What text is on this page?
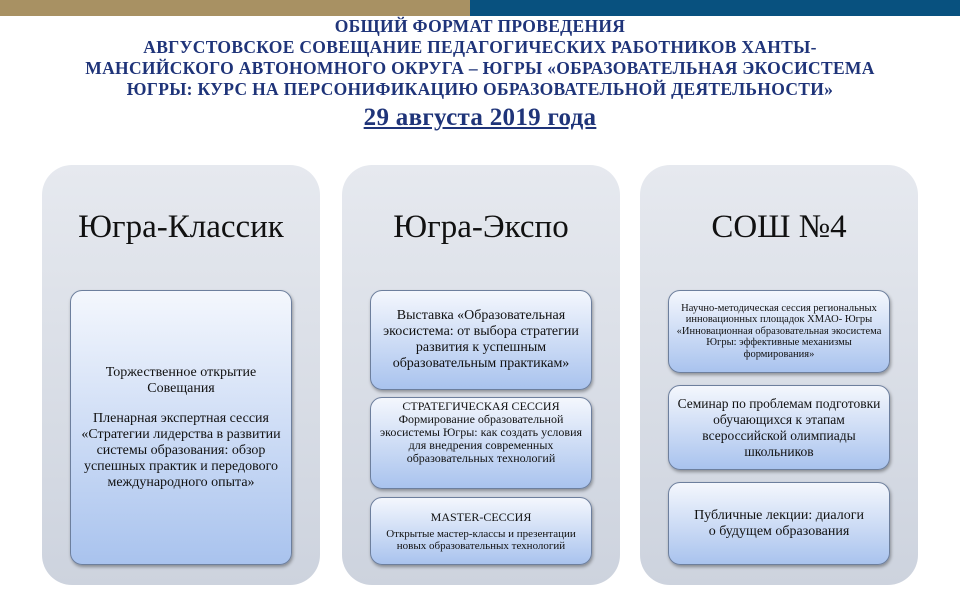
ОБЩИЙ ФОРМАТ ПРОВЕДЕНИЯ
АВГУСТОВСКОЕ СОВЕЩАНИЕ ПЕДАГОГИЧЕСКИХ РАБОТНИКОВ ХАНТЫ-
МАНСИЙСКОГО АВТОНОМНОГО ОКРУГА – ЮГРЫ «ОБРАЗОВАТЕЛЬНАЯ ЭКОСИСТЕМА
ЮГРЫ: КУРС НА ПЕРСОНИФИКАЦИЮ ОБРАЗОВАТЕЛЬНОЙ ДЕЯТЕЛЬНОСТИ»
29 августа 2019 года
Югра-Классик

Торжественное открытие Совещания

Пленарная экспертная сессия «Стратегии лидерства в развитии системы образования: обзор успешных практик и передового международного опыта»

Югра-Экспо

Выставка «Образовательная экосистема: от выбора стратегии развития к успешным образовательным практикам»

СТРАТЕГИЧЕСКАЯ СЕССИЯ

Формирование образовательной экосистемы Югры: как создать условия для внедрения современных образовательных технологий

MASTER-СЕССИЯ

Открытые мастер-классы и презентации новых образовательных технологий

СОШ №4

Научно-методическая сессия региональных инновационных площадок ХМАО- Югры «Инновационная образовательная экосистема Югры: эффективные механизмы формирования»

Семинар по проблемам подготовки обучающихся к этапам всероссийской олимпиады школьников

Публичные лекции: диалоги о будущем образования
